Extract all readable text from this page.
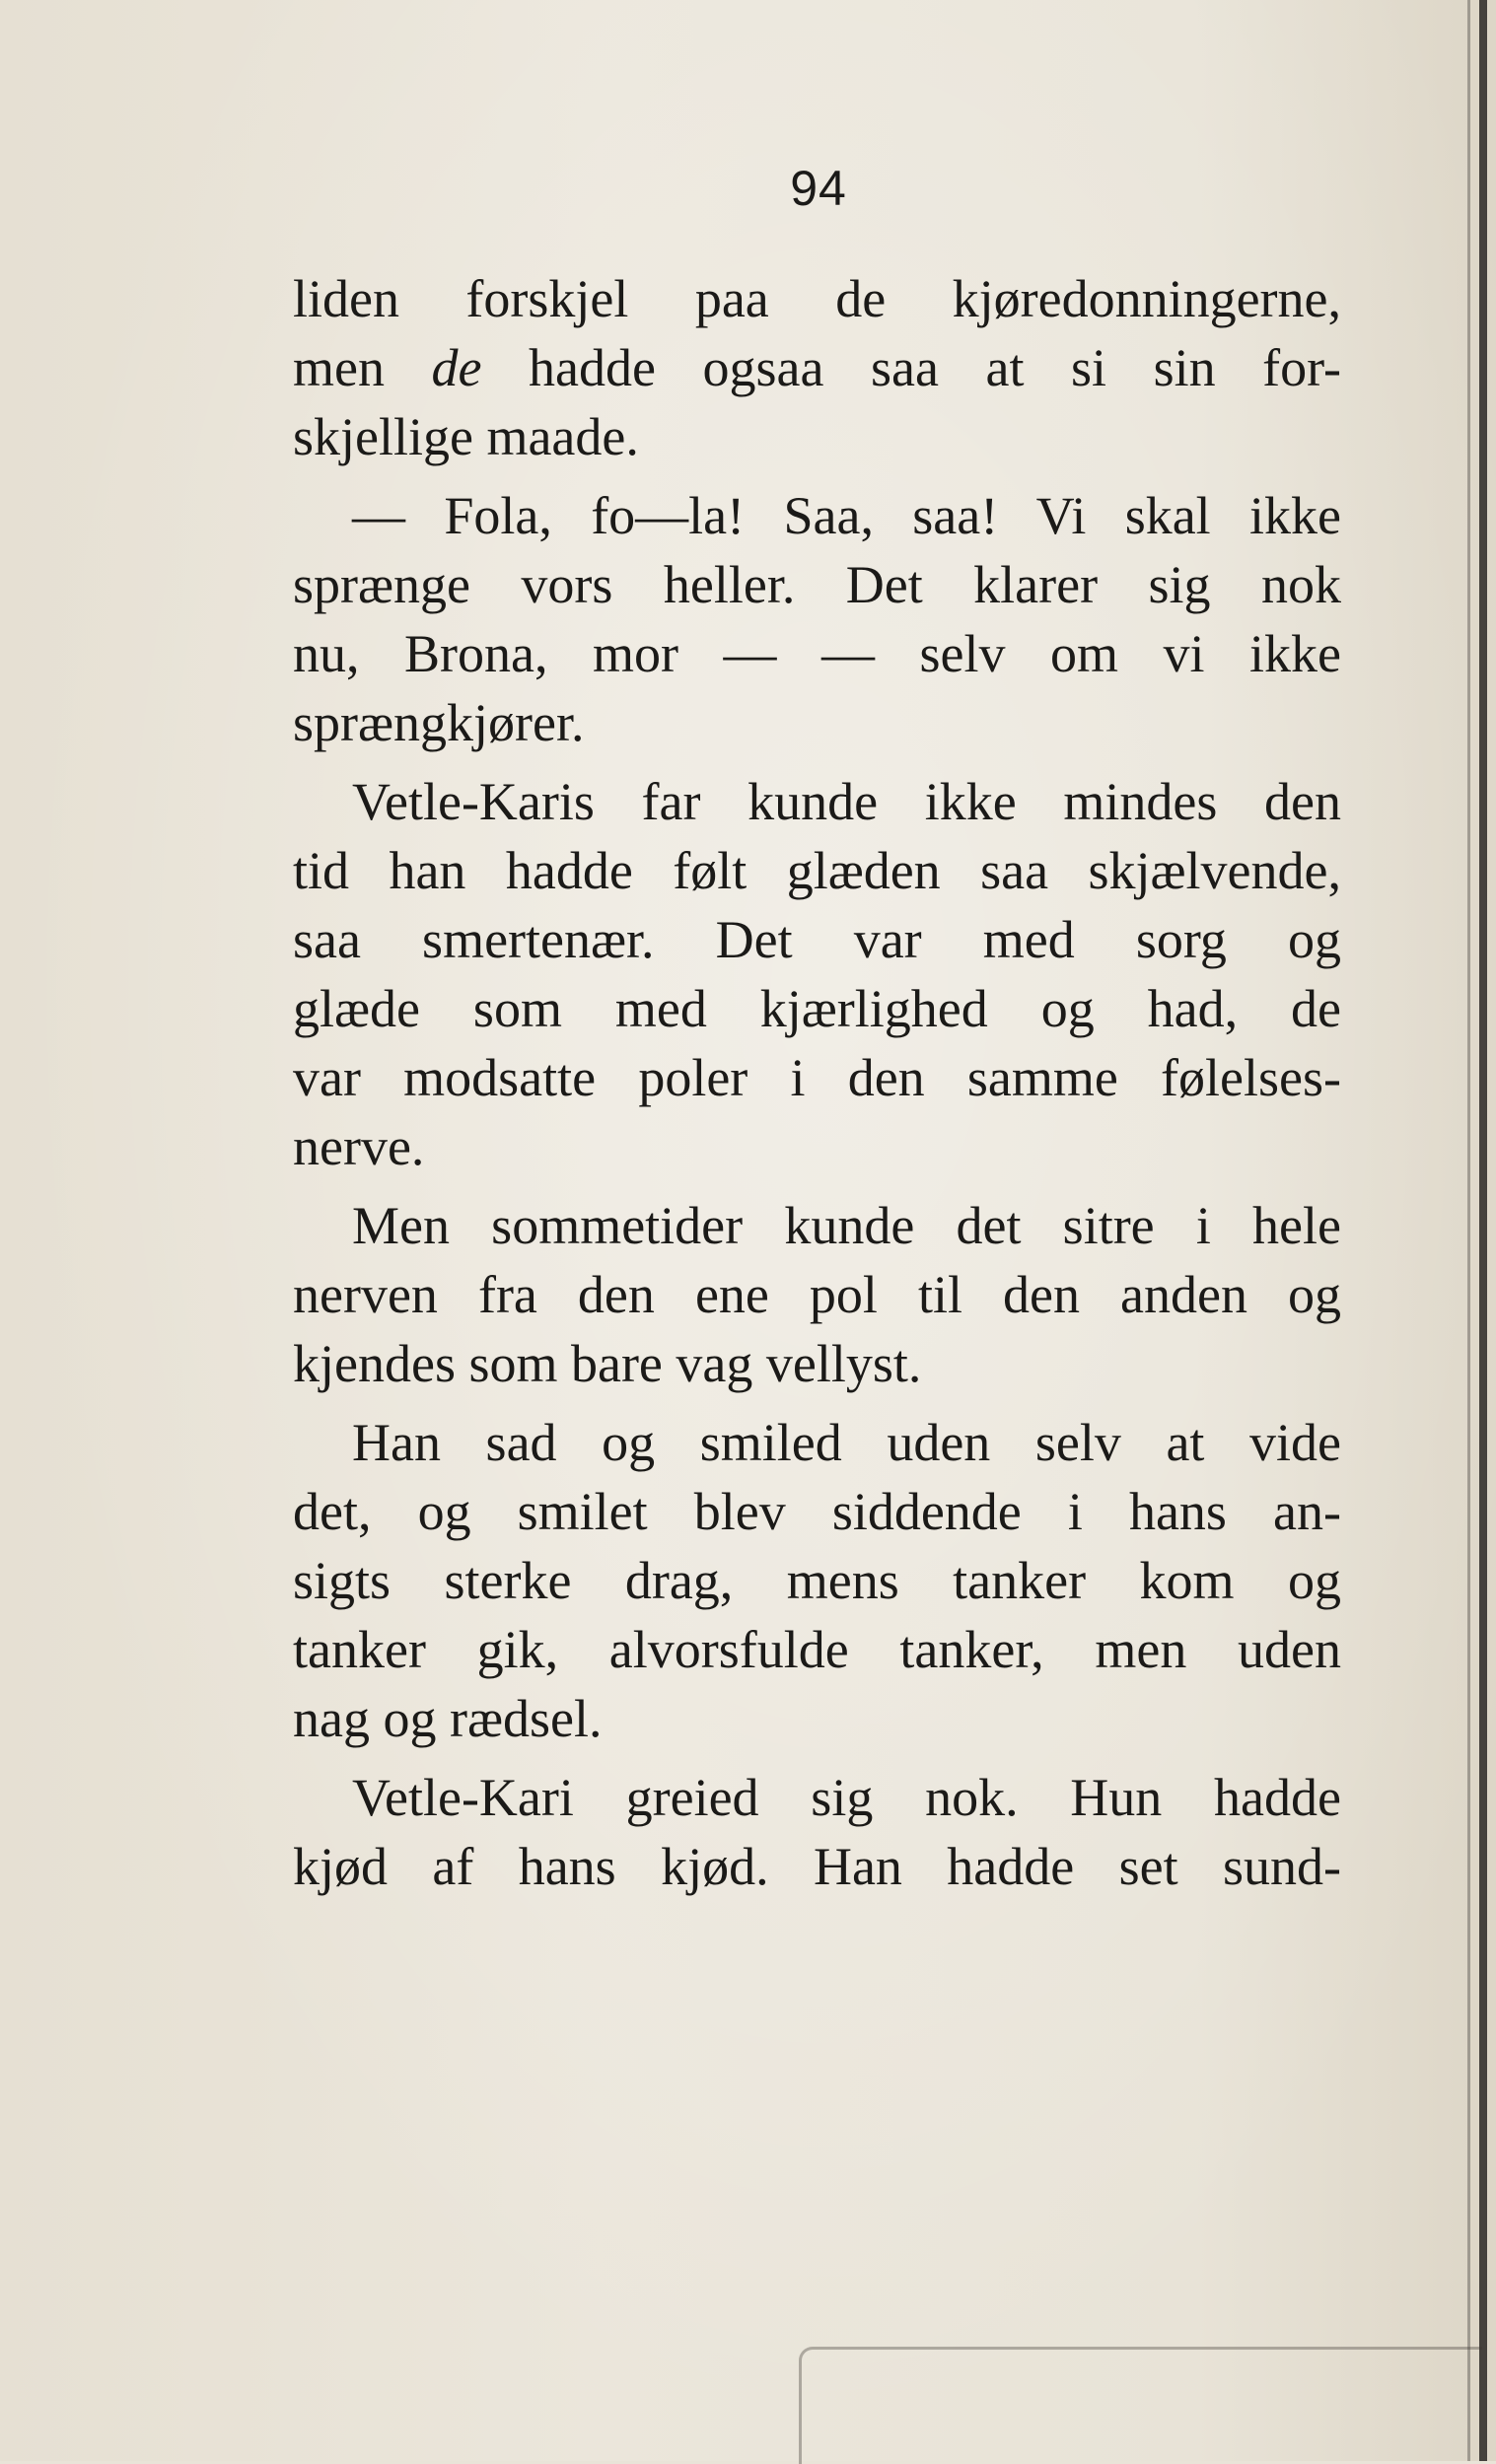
94

liden forskjel paa de kjøredonningerne,
men de hadde ogsaa saa at si sin for-
skjellige maade.

— Fola, fo—la! Saa, saa! Vi skal ikke
sprænge vors heller. Det klarer sig nok
nu, Brona, mor — — selv om vi ikke
sprængkjører.

Vetle-Karis far kunde ikke mindes den
tid han hadde følt glæden saa skjælvende,
saa smertenær. Det var med sorg og
glæde som med kjærlighed og had, de
var modsatte poler i den samme følelses-
nerve.

Men sommetider kunde det sitre i hele
nerven fra den ene pol til den anden og
kjendes som bare vag vellyst.

Han sad og smiled uden selv at vide
det, og smilet blev siddende i hans an-
sigts sterke drag, mens tanker kom og
tanker gik, alvorsfulde tanker, men uden
nag og rædsel.

Vetle-Kari greied sig nok. Hun hadde
kjød af hans kjød. Han hadde set sund-
